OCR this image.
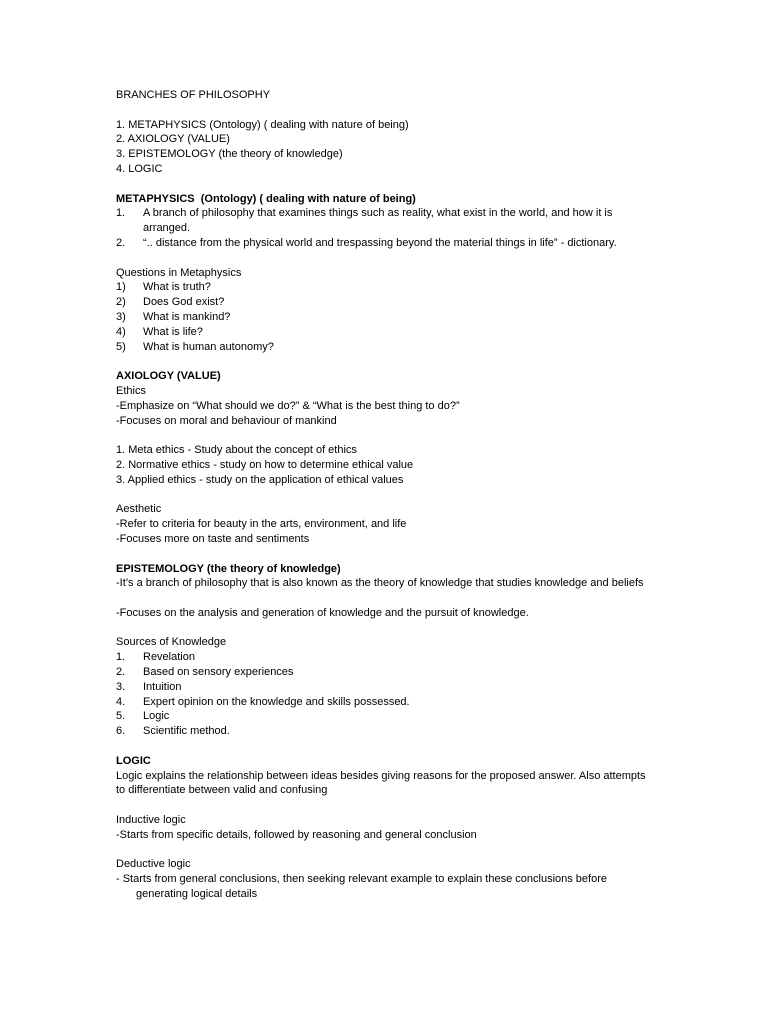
BRANCHES OF PHILOSOPHY
1. METAPHYSICS (Ontology) ( dealing with nature of being)
2. AXIOLOGY (VALUE)
3. EPISTEMOLOGY (the theory of knowledge)
4. LOGIC
METAPHYSICS  (Ontology) ( dealing with nature of being)
1.	A branch of philosophy that examines things such as reality, what exist in the world, and how it is arranged.
2.	“.. distance from the physical world and trespassing beyond the material things in life” - dictionary.
Questions in Metaphysics
1)	What is truth?
2)	Does God exist?
3)	What is mankind?
4)	What is life?
5)	What is human autonomy?
AXIOLOGY (VALUE)
Ethics
-Emphasize on “What should we do?” & “What is the best thing to do?”
-Focuses on moral and behaviour of mankind
1. Meta ethics - Study about the concept of ethics
2. Normative ethics - study on how to determine ethical value
3. Applied ethics - study on the application of ethical values
Aesthetic
-Refer to criteria for beauty in the arts, environment, and life
-Focuses more on taste and sentiments
EPISTEMOLOGY (the theory of knowledge)
-It’s a branch of philosophy that is also known as the theory of knowledge that studies knowledge and beliefs
-Focuses on the analysis and generation of knowledge and the pursuit of knowledge.
Sources of Knowledge
1.	Revelation
2.	Based on sensory experiences
3.	Intuition
4.	Expert opinion on the knowledge and skills possessed.
5.	Logic
6.	Scientific method.
LOGIC
Logic explains the relationship between ideas besides giving reasons for the proposed answer. Also attempts to differentiate between valid and confusing
Inductive logic
-Starts from specific details, followed by reasoning and general conclusion
Deductive logic
- Starts from general conclusions, then seeking relevant example to explain these conclusions before
generating logical details
